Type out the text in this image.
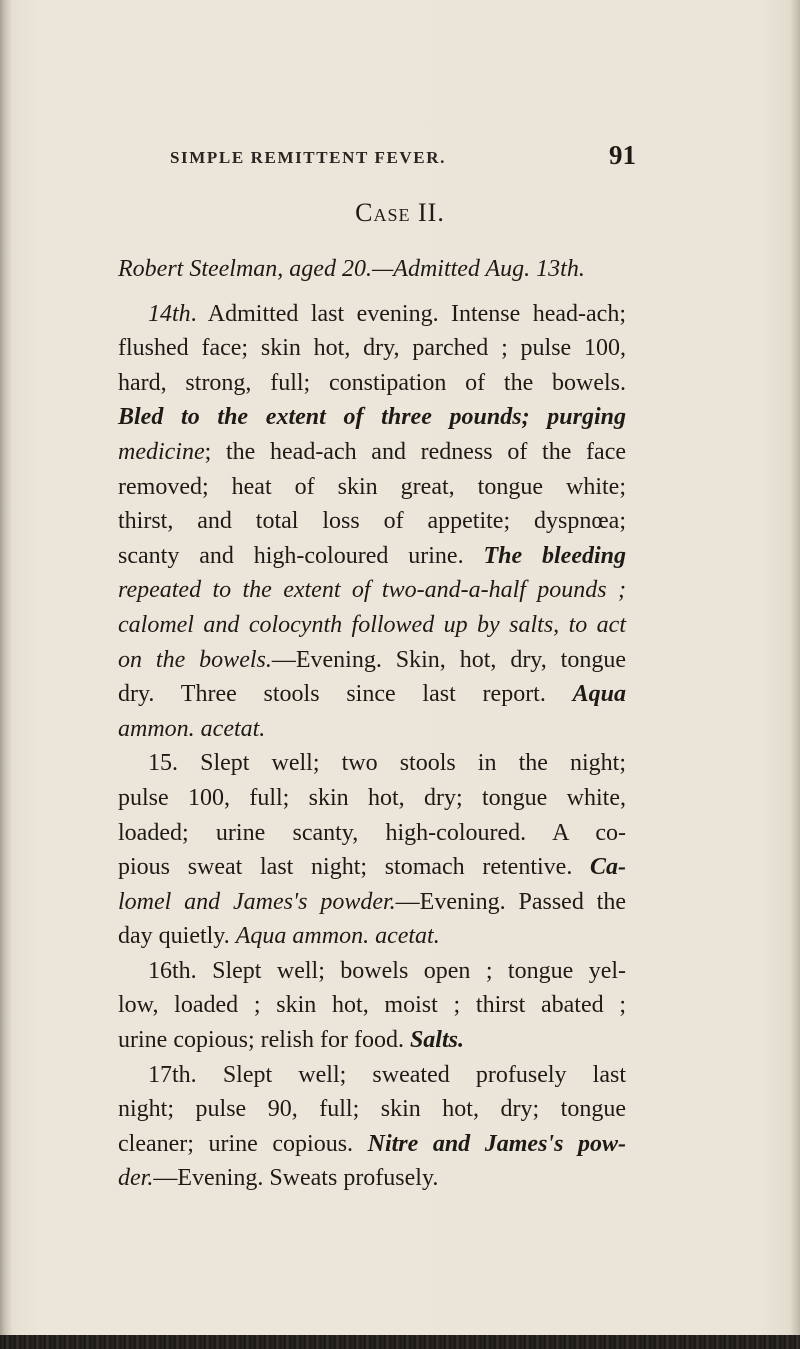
SIMPLE REMITTENT FEVER.	91
Case II.
Robert Steelman, aged 20.—Admitted Aug. 13th.
14th. Admitted last evening. Intense head-ach;
flushed face; skin hot, dry, parched ; pulse 100,
hard, strong, full; constipation of the bowels.
Bled to the extent of three pounds; purging
medicine; the head-ach and redness of the face
removed; heat of skin great, tongue white;
thirst, and total loss of appetite; dyspnœa;
scanty and high-coloured urine. The bleeding
repeated to the extent of two-and-a-half pounds ;
calomel and colocynth followed up by salts, to act
on the bowels.—Evening. Skin, hot, dry, tongue
dry. Three stools since last report. Aqua
ammon. acetat.
15. Slept well; two stools in the night;
pulse 100, full; skin hot, dry; tongue white,
loaded; urine scanty, high-coloured. A co-
pious sweat last night; stomach retentive. Ca-
lomel and James's powder.—Evening. Passed the
day quietly. Aqua ammon. acetat.
16th. Slept well; bowels open ; tongue yel-
low, loaded ; skin hot, moist ; thirst abated ;
urine copious; relish for food. Salts.
17th. Slept well; sweated profusely last
night; pulse 90, full; skin hot, dry; tongue
cleaner; urine copious. Nitre and James's pow-
der.—Evening. Sweats profusely.
